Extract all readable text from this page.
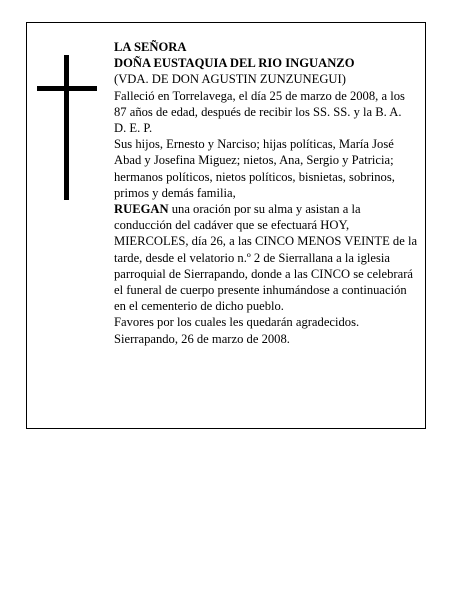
LA SEÑORA

DOÑA EUSTAQUIA DEL RIO INGUANZO

(VDA. DE DON AGUSTIN ZUNZUNEGUI)

Falleció en Torrelavega, el día 25 de marzo de 2008, a los 87 años de edad, después de recibir los SS. SS. y la B. A.

D. E. P.

Sus hijos, Ernesto y Narciso; hijas políticas, María José Abad y Josefina Miguez; nietos, Ana, Sergio y Patricia; hermanos políticos, nietos políticos, bisnietas, sobrinos, primos y demás familia,

RUEGAN una oración por su alma y asistan a la conducción del cadáver que se efectuará HOY, MIERCOLES, día 26, a las CINCO MENOS VEINTE de la tarde, desde el velatorio n.º 2 de Sierrallana a la iglesia parroquial de Sierrapando, donde a las CINCO se celebrará el funeral de cuerpo presente inhumándose a continuación en el cementerio de dicho pueblo.

Favores por los cuales les quedarán agradecidos.

Sierrapando, 26 de marzo de 2008.
